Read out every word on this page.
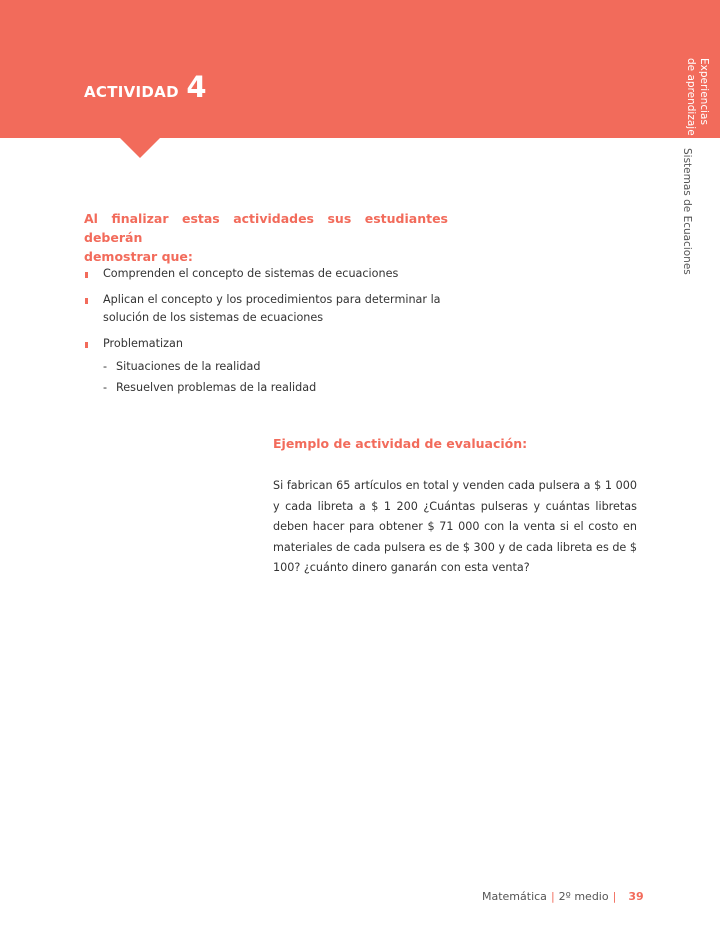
ACTIVIDAD 4	Experiencias
de aprendizaje
Sistemas de Ecuaciones
Al finalizar estas actividades sus estudiantes deberán
demostrar que:
Comprenden el concepto de sistemas de ecuaciones
Aplican el concepto y los procedimientos para determinar la solución de los sistemas de ecuaciones
Problematizan
- Situaciones de la realidad
- Resuelven problemas de la realidad
Ejemplo de actividad de evaluación:
Si fabrican 65 artículos en total y venden cada pulsera a $ 1 000 y cada libreta a $ 1 200 ¿Cuántas pulseras y cuántas libretas deben hacer para obtener $ 71 000 con la venta si el costo en materiales de cada pulsera es de $ 300 y de cada libreta es de $ 100? ¿cuánto dinero ganarán con esta venta?
Matemática | 2º medio | 39
